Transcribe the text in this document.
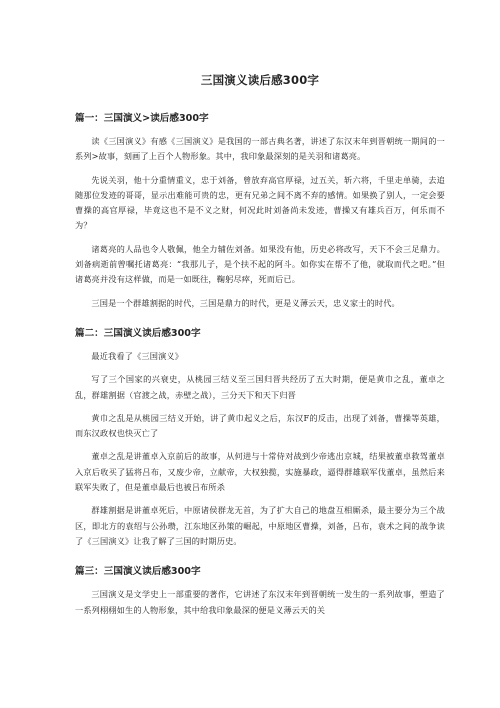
三国演义读后感300字
篇一：三国演义>读后感300字

读《三国演义》有感《三国演义》是我国的一部古典名著，讲述了东汉末年到晋朝统一期间的一系列>故事，刻画了上百个人物形象。其中，我印象最深刻的是关羽和诸葛亮。

先说关羽，他十分重情重义，忠于刘备，曾放弃高官厚禄，过五关，斩六将，千里走单骑，去追随那位发迹的哥哥，显示出难能可贵的忠，更有兄弟之间不离不弃的感情。如果换了别人，一定会要曹操的高官厚禄，毕竟这也不是不义之财，何况此时刘备尚未发迹，曹操又有雄兵百万，何乐而不为？

诸葛亮的人品也令人敬佩，他全力辅佐刘备。如果没有他，历史必将改写，天下不会三足鼎力。刘备病逝前曾嘱托诸葛亮：“我那儿子，是个扶不起的阿斗。如你实在帮不了他，就取而代之吧。”但诸葛亮并没有这样做，而是一如既往，鞠躬尽瘁，死而后已。

三国是一个群雄割据的时代，三国是鼎力的时代，更是义薄云天，忠义家士的时代。

篇二：三国演义读后感300字

最近我看了《三国演义》

写了三个国家的兴衰史，从桃园三结义至三国归晋共经历了五大时期，便是黄巾之乱，董卓之乱，群雄割据（官渡之战，赤壁之战），三分天下和天下归晋

黄巾之乱是从桃园三结义开始，讲了黄巾起义之后，东汉F的反击，出现了刘备，曹操等英雄，而东汉政权也快灭亡了

董卓之乱是讲董卓入京前后的故事，从何进与十常侍对战到少帝逃出京城，结果被董卓救驾董卓入京后收买了猛将吕布，又废少帝，立献帝，大权独揽，实施暴政，逼得群雄联军伐董卓，虽然后来联军失败了，但是董卓最后也被吕布所杀

群雄割据是讲董卓死后，中原诸侯群龙无首，为了扩大自己的地盘互相厮杀，最主要分为三个战区，即北方的袁绍与公孙瓒，江东地区孙策的崛起，中原地区曹操，刘备，吕布，袁术之间的战争读了《三国演义》让我了解了三国的时期历史。

篇三：三国演义读后感300字

三国演义是文学史上一部重要的著作，它讲述了东汉末年到晋朝统一发生的一系列故事，塑造了一系列栩栩如生的人物形象，其中给我印象最深的便是义薄云天的关
